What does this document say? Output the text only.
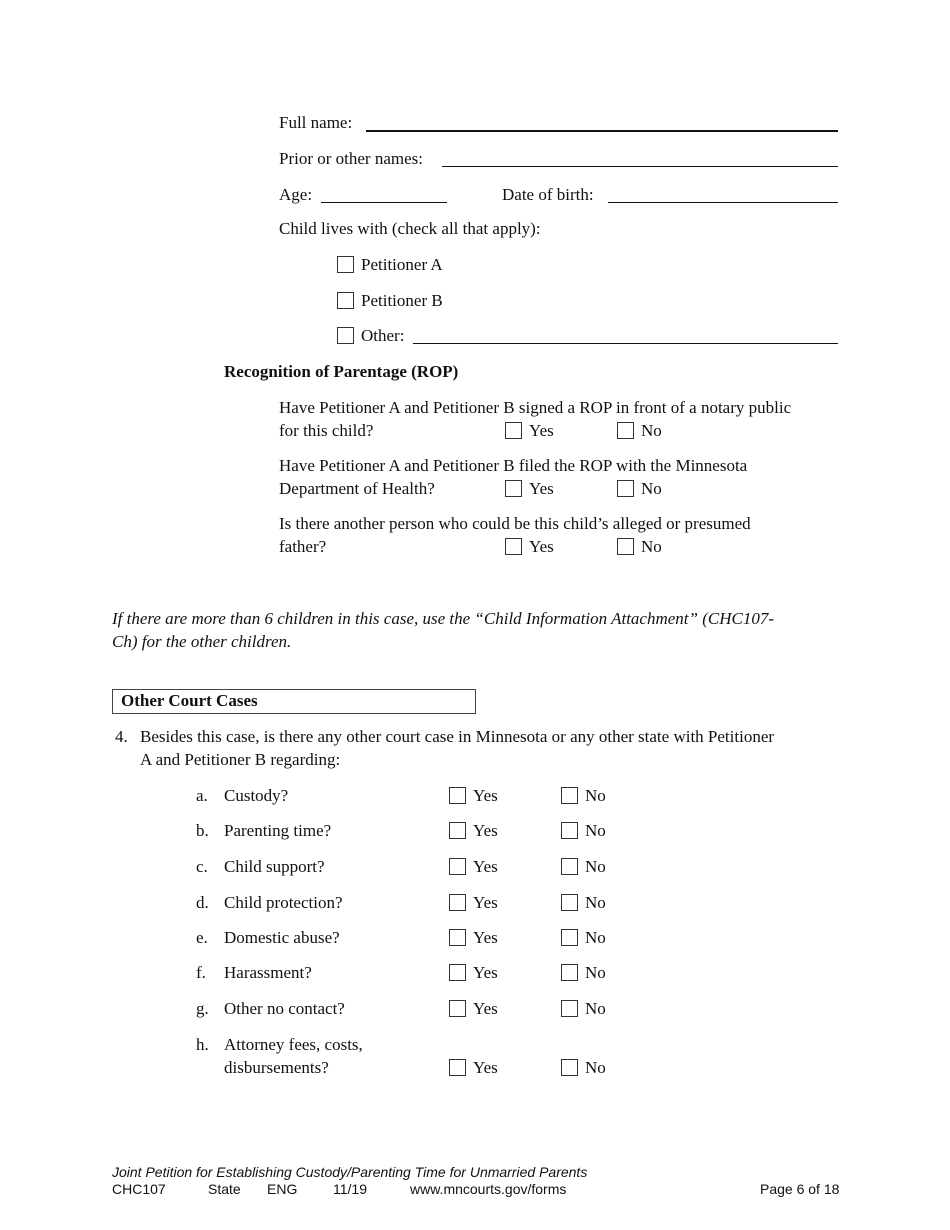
Full name:
Prior or other names:
Age:	Date of birth:
Child lives with (check all that apply):
Petitioner A
Petitioner B
Other:
Recognition of Parentage (ROP)
Have Petitioner A and Petitioner B signed a ROP in front of a notary public
for this child?	Yes	No
Have Petitioner A and Petitioner B filed the ROP with the Minnesota
Department of Health?	Yes	No
Is there another person who could be this child’s alleged or presumed
father?	Yes	No
If there are more than 6 children in this case, use the “Child Information Attachment” (CHC107-
Ch) for the other children.
Other Court Cases
4. Besides this case, is there any other court case in Minnesota or any other state with Petitioner
A and Petitioner B regarding:
a. Custody?	Yes	No
b. Parenting time?	Yes	No
c. Child support?	Yes	No
d. Child protection?	Yes	No
e. Domestic abuse?	Yes	No
f. Harassment?	Yes	No
g. Other no contact?	Yes	No
h. Attorney fees, costs,
disbursements?	Yes	No
Joint Petition for Establishing Custody/Parenting Time for Unmarried Parents
CHC107	State ENG	11/19	www.mncourts.gov/forms	Page 6 of 18
